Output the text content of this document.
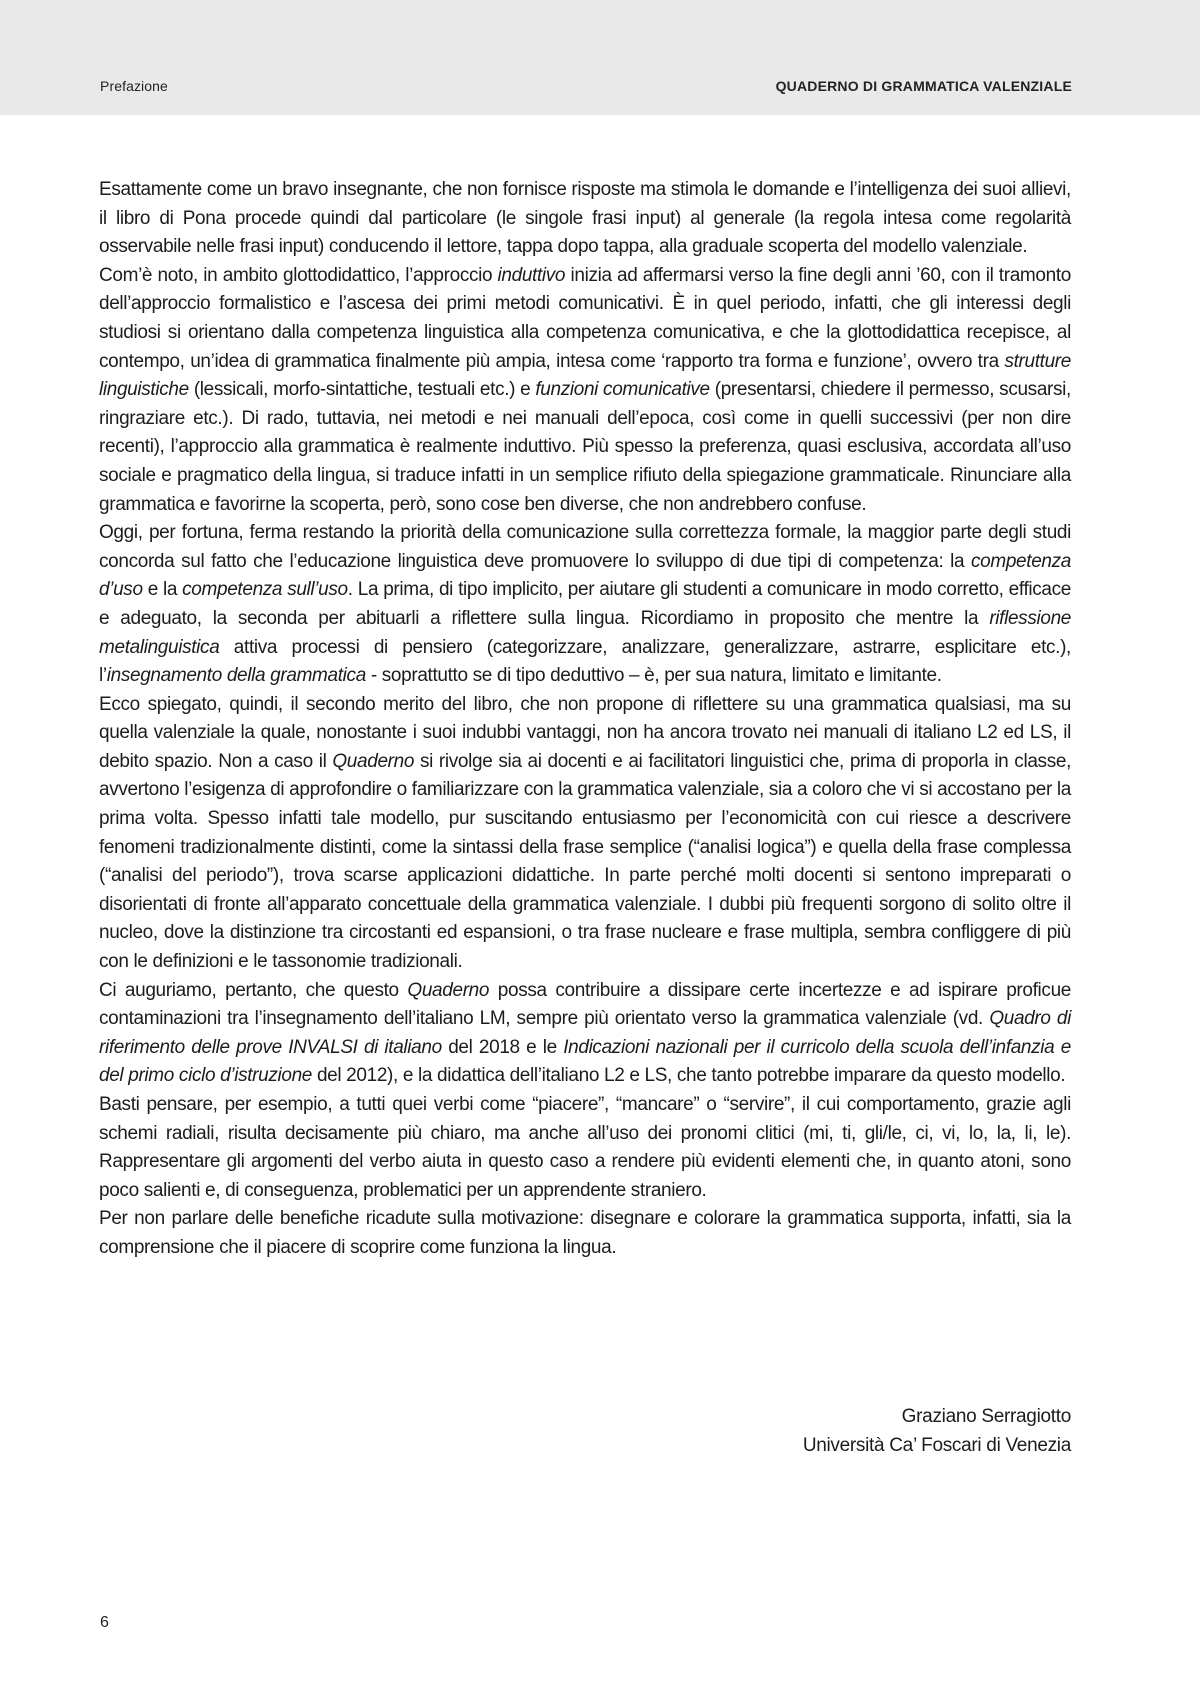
Prefazione	QUADERNO DI GRAMMATICA VALENZIALE

Esattamente come un bravo insegnante, che non fornisce risposte ma stimola le domande e l’intelligenza dei suoi allievi, il libro di Pona procede quindi dal particolare (le singole frasi input) al generale (la regola intesa come regolarità osservabile nelle frasi input) conducendo il lettore, tappa dopo tappa, alla graduale scoperta del modello valenziale.

Com’è noto, in ambito glottodidattico, l’approccio induttivo inizia ad affermarsi verso la fine degli anni ’60, con il tramonto dell’approccio formalistico e l’ascesa dei primi metodi comunicativi. È in quel periodo, infatti, che gli interessi degli studiosi si orientano dalla competenza linguistica alla competenza comunicativa, e che la glottodidattica recepisce, al contempo, un’idea di grammatica finalmente più ampia, intesa come ‘rapporto tra forma e funzione’, ovvero tra strutture linguistiche (lessicali, morfo-sintattiche, testuali etc.) e funzioni comunicative (presentarsi, chiedere il permesso, scusarsi, ringraziare etc.). Di rado, tuttavia, nei metodi e nei manuali dell’epoca, così come in quelli successivi (per non dire recenti), l’approccio alla grammatica è realmente induttivo. Più spesso la preferenza, quasi esclusiva, accordata all’uso sociale e pragmatico della lingua, si traduce infatti in un semplice rifiuto della spiegazione grammaticale. Rinunciare alla grammatica e favorirne la scoperta, però, sono cose ben diverse, che non andrebbero confuse.

Oggi, per fortuna, ferma restando la priorità della comunicazione sulla correttezza formale, la maggior parte degli studi concorda sul fatto che l’educazione linguistica deve promuovere lo sviluppo di due tipi di competenza: la competenza d’uso e la competenza sull’uso. La prima, di tipo implicito, per aiutare gli studenti a comunicare in modo corretto, efficace e adeguato, la seconda per abituarli a riflettere sulla lingua. Ricordiamo in proposito che mentre la riflessione metalinguistica attiva processi di pensiero (categorizzare, analizzare, generalizzare, astrarre, esplicitare etc.), l’insegnamento della grammatica - soprattutto se di tipo deduttivo – è, per sua natura, limitato e limitante.

Ecco spiegato, quindi, il secondo merito del libro, che non propone di riflettere su una grammatica qualsiasi, ma su quella valenziale la quale, nonostante i suoi indubbi vantaggi, non ha ancora trovato nei manuali di italiano L2 ed LS, il debito spazio. Non a caso il Quaderno si rivolge sia ai docenti e ai facilitatori linguistici che, prima di proporla in classe, avvertono l’esigenza di approfondire o familiarizzare con la grammatica valenziale, sia a coloro che vi si accostano per la prima volta. Spesso infatti tale modello, pur suscitando entusiasmo per l’economicità con cui riesce a descrivere fenomeni tradizionalmente distinti, come la sintassi della frase semplice (“analisi logica”) e quella della frase complessa (“analisi del periodo”), trova scarse applicazioni didattiche. In parte perché molti docenti si sentono impreparati o disorientati di fronte all’apparato concettuale della grammatica valenziale. I dubbi più frequenti sorgono di solito oltre il nucleo, dove la distinzione tra circostanti ed espansioni, o tra frase nucleare e frase multipla, sembra confliggere di più con le definizioni e le tassonomie tradizionali.

Ci auguriamo, pertanto, che questo Quaderno possa contribuire a dissipare certe incertezze e ad ispirare proficue contaminazioni tra l’insegnamento dell’italiano LM, sempre più orientato verso la grammatica valenziale (vd. Quadro di riferimento delle prove INVALSI di italiano del 2018 e le Indicazioni nazionali per il curricolo della scuola dell’infanzia e del primo ciclo d’istruzione del 2012), e la didattica dell’italiano L2 e LS, che tanto potrebbe imparare da questo modello.

Basti pensare, per esempio, a tutti quei verbi come “piacere”, “mancare” o “servire”, il cui comportamento, grazie agli schemi radiali, risulta decisamente più chiaro, ma anche all’uso dei pronomi clitici (mi, ti, gli/le, ci, vi, lo, la, li, le). Rappresentare gli argomenti del verbo aiuta in questo caso a rendere più evidenti elementi che, in quanto atoni, sono poco salienti e, di conseguenza, problematici per un apprendente straniero.

Per non parlare delle benefiche ricadute sulla motivazione: disegnare e colorare la grammatica supporta, infatti, sia la comprensione che il piacere di scoprire come funziona la lingua.

Graziano Serragiotto
Università Ca’ Foscari di Venezia
6
